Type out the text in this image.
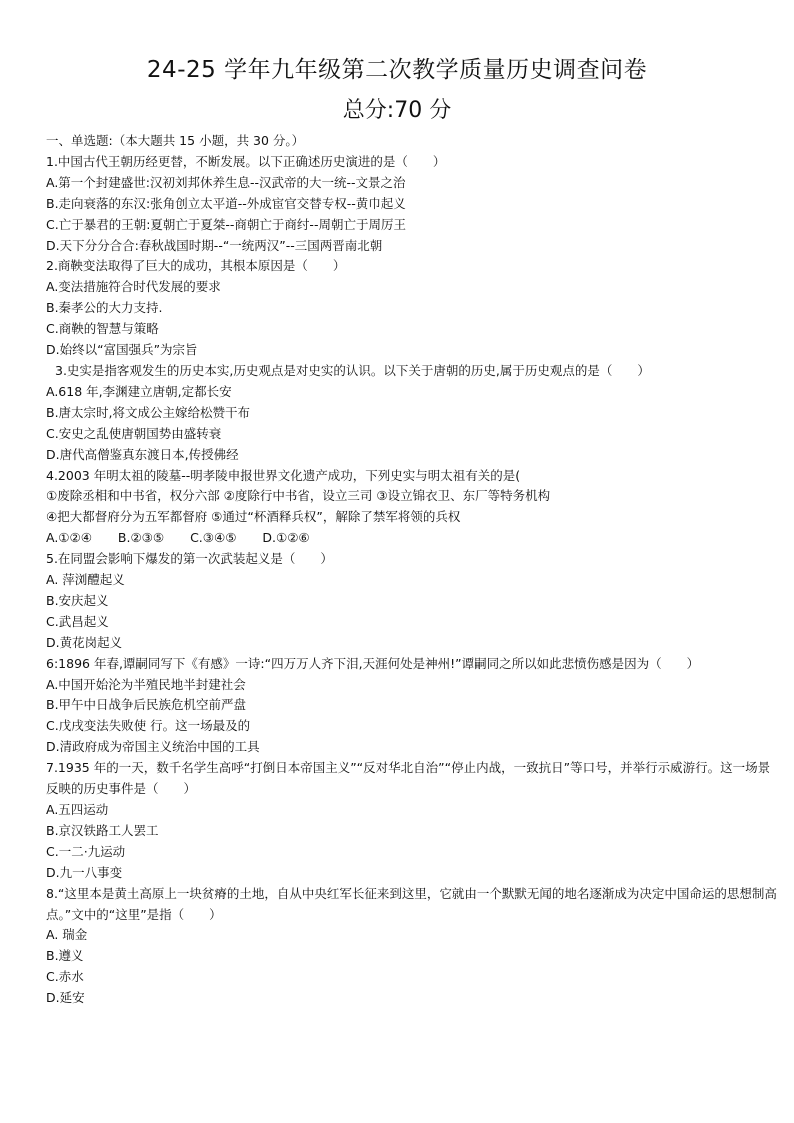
24-25 学年九年级第二次教学质量历史调查问卷
总分:70 分
一、单选题:（本大题共 15 小题，共 30 分。）
1.中国古代王朝历经更替，不断发展。以下正确述历史演进的是（　　）
A.第一个封建盛世:汉初刘邦休养生息--汉武帝的大一统--文景之治
B.走向衰落的东汉:张角创立太平道--外成宦官交替专权--黄巾起义
C.亡于暴君的王朝:夏朝亡于夏桀--商朝亡于商纣--周朝亡于周厉王
D.天下分分合合:春秋战国时期--“一统两汉”--三国两晋南北朝
2.商鞅变法取得了巨大的成功，其根本原因是（　　）
A.变法措施符合时代发展的要求
B.秦孝公的大力支持.
C.商鞅的智慧与策略
D.始终以“富国强兵”为宗旨
3.史实是指客观发生的历史本实,历史观点是对史实的认识。以下关于唐朝的历史,属于历史观点的是（　　）
A.618 年,李渊建立唐朝,定都长安
B.唐太宗时,将文成公主嫁给松赞干布
C.安史之乱使唐朝国势由盛转衰
D.唐代高僧鉴真东渡日本,传授佛经
4.2003 年明太祖的陵墓--明孝陵申报世界文化遗产成功，下列史实与明太祖有关的是(
①废除丞相和中书省，权分六部 ②度除行中书省，设立三司 ③设立锦衣卫、东厂等特务机构
④把大都督府分为五军都督府 ⑤通过“杯酒释兵权”，解除了禁军将领的兵权
A.①②④ B.②③⑤ C.③④⑤ D.①②⑥
5.在同盟会影响下爆发的第一次武装起义是（　　）
A. 萍浏醴起义
B.安庆起义
C.武昌起义
D.黄花岗起义
6:1896 年春,谭嗣同写下《有感》一诗:“四万万人齐下泪,天涯何处是神州!”谭嗣同之所以如此悲愤伤感是因为（　　）
A.中国开始沦为半殖民地半封建社会
B.甲午中日战争后民族危机空前严盘
C.戊戌变法失败使 行。这一场最及的
D.清政府成为帝国主义统治中国的工具
7.1935 年的一天，数千名学生高呼“打倒日本帝国主义”“反对华北自治”“停止内战，一致抗日”等口号，并举行示威游行。这一场景反映的历史事件是（　　）
A.五四运动
B.京汉铁路工人罢工
C.一二·九运动
D.九一八事变
8.“这里本是黄土高原上一块贫瘠的土地，自从中央红军长征来到这里，它就由一个默默无闻的地名逐渐成为决定中国命运的思想制高点。”文中的“这里”是指（　　）
A. 瑞金
B.遵义
C.赤水
D.延安
